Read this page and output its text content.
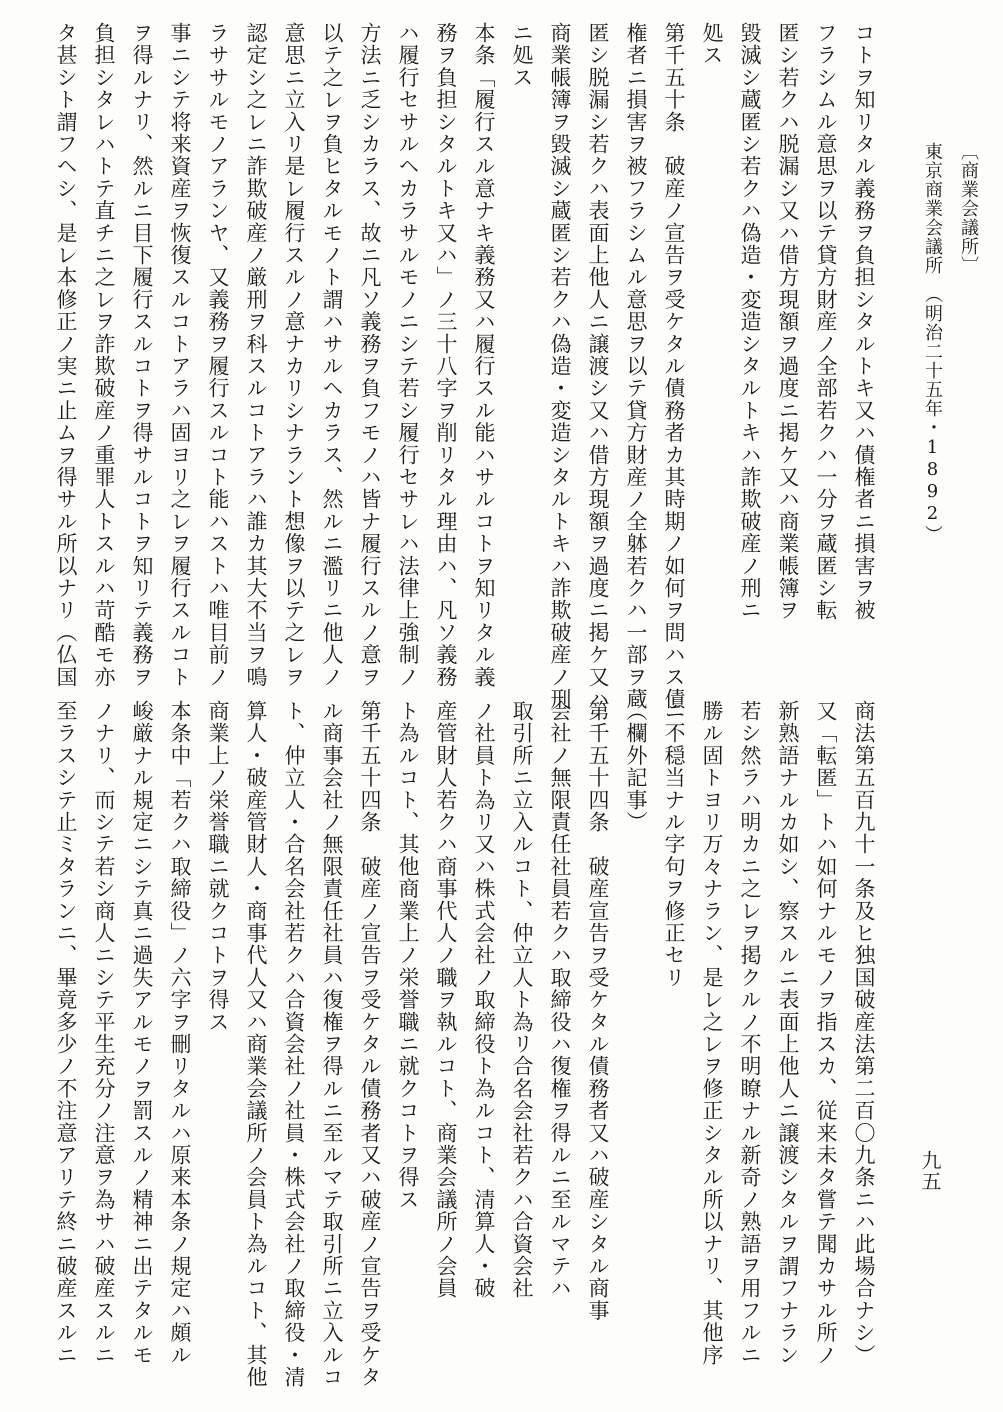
〔商業会議所〕
東京商業会議所　（明治二十五年・1892）
九五

コトヲ知リタル義務ヲ負担シタルトキ又ハ債権者ニ損害ヲ被

フラシムル意思ヲ以テ貸方財産ノ全部若クハ一分ヲ蔵匿シ転

匿シ若クハ脱漏シ又ハ借方現額ヲ過度ニ掲ケ又ハ商業帳簿ヲ

毀滅シ蔵匿シ若クハ偽造・変造シタルトキハ詐欺破産ノ刑ニ

処ス

第千五十条　破産ノ宣告ヲ受ケタル債務者カ其時期ノ如何ヲ問ハス債

権者ニ損害ヲ被フラシムル意思ヲ以テ貸方財産ノ全躰若クハ一部ヲ蔵

匿シ脱漏シ若クハ表面上他人ニ譲渡シ又ハ借方現額ヲ過度ニ掲ケ又ハ

商業帳簿ヲ毀滅シ蔵匿シ若クハ偽造・変造シタルトキハ詐欺破産ノ刑

ニ処ス

本条「履行スル意ナキ義務又ハ履行スル能ハサルコトヲ知リタル義

務ヲ負担シタルトキ又ハ」ノ三十八字ヲ削リタル理由ハ、凡ソ義務

ハ履行セサルヘカラサルモノニシテ若シ履行セサレハ法律上強制ノ

方法ニ乏シカラス、故ニ凡ソ義務ヲ負フモノハ皆ナ履行スルノ意ヲ

以テ之レヲ負ヒタルモノト謂ハサルヘカラス、然ルニ濫リニ他人ノ

意思ニ立入リ是レ履行スルノ意ナカリシナラント想像ヲ以テ之レヲ

認定シ之レニ詐欺破産ノ厳刑ヲ科スルコトアラハ誰カ其大不当ヲ鳴

ラササルモノアランヤ、又義務ヲ履行スルコト能ハストハ唯目前ノ

事ニシテ将来資産ヲ恢復スルコトアラハ固ヨリ之レヲ履行スルコト

ヲ得ルナリ、然ルニ目下履行スルコトヲ得サルコトヲ知リテ義務ヲ

負担シタレハトテ直チニ之レヲ詐欺破産ノ重罪人トスルハ苛酷モ亦

タ甚シト謂フヘシ、是レ本修正ノ実ニ止ムヲ得サル所以ナリ（仏国

商法第五百九十一条及ヒ独国破産法第二百〇九条ニハ此場合ナシ）

又「転匿」トハ如何ナルモノヲ指スカ、従来未タ嘗テ聞カサル所ノ

新熟語ナルカ如シ、察スルニ表面上他人ニ譲渡シタルヲ謂フナラン

若シ然ラハ明カニ之レヲ掲クルノ不明瞭ナル新奇ノ熟語ヲ用フルニ

勝ル固トヨリ万々ナラン、是レ之レヲ修正シタル所以ナリ、其他序

ニ不穏当ナル字句ヲ修正セリ

（欄外記事）

第千五十四条　破産宣告ヲ受ケタル債務者又ハ破産シタル商事

会社ノ無限責任社員若クハ取締役ハ復権ヲ得ルニ至ルマテハ

取引所ニ立入ルコト、仲立人ト為リ合名会社若クハ合資会社

ノ社員ト為リ又ハ株式会社ノ取締役ト為ルコト、清算人・破

産管財人若クハ商事代人ノ職ヲ執ルコト、商業会議所ノ会員

ト為ルコト、其他商業上ノ栄誉職ニ就クコトヲ得ス

第千五十四条　破産ノ宣告ヲ受ケタル債務者又ハ破産ノ宣告ヲ受ケタ

ル商事会社ノ無限責任社員ハ復権ヲ得ルニ至ルマテ取引所ニ立入ルコ

ト、仲立人・合名会社若クハ合資会社ノ社員・株式会社ノ取締役・清

算人・破産管財人・商事代人又ハ商業会議所ノ会員ト為ルコト、其他

商業上ノ栄誉職ニ就クコトヲ得ス

本条中「若クハ取締役」ノ六字ヲ刪リタルハ原来本条ノ規定ハ頗ル

峻厳ナル規定ニシテ真ニ過失アルモノヲ罰スルノ精神ニ出テタルモ

ノナリ、而シテ若シ商人ニシテ平生充分ノ注意ヲ為サハ破産スルニ

至ラスシテ止ミタランニ、畢竟多少ノ不注意アリテ終ニ破産スルニ
